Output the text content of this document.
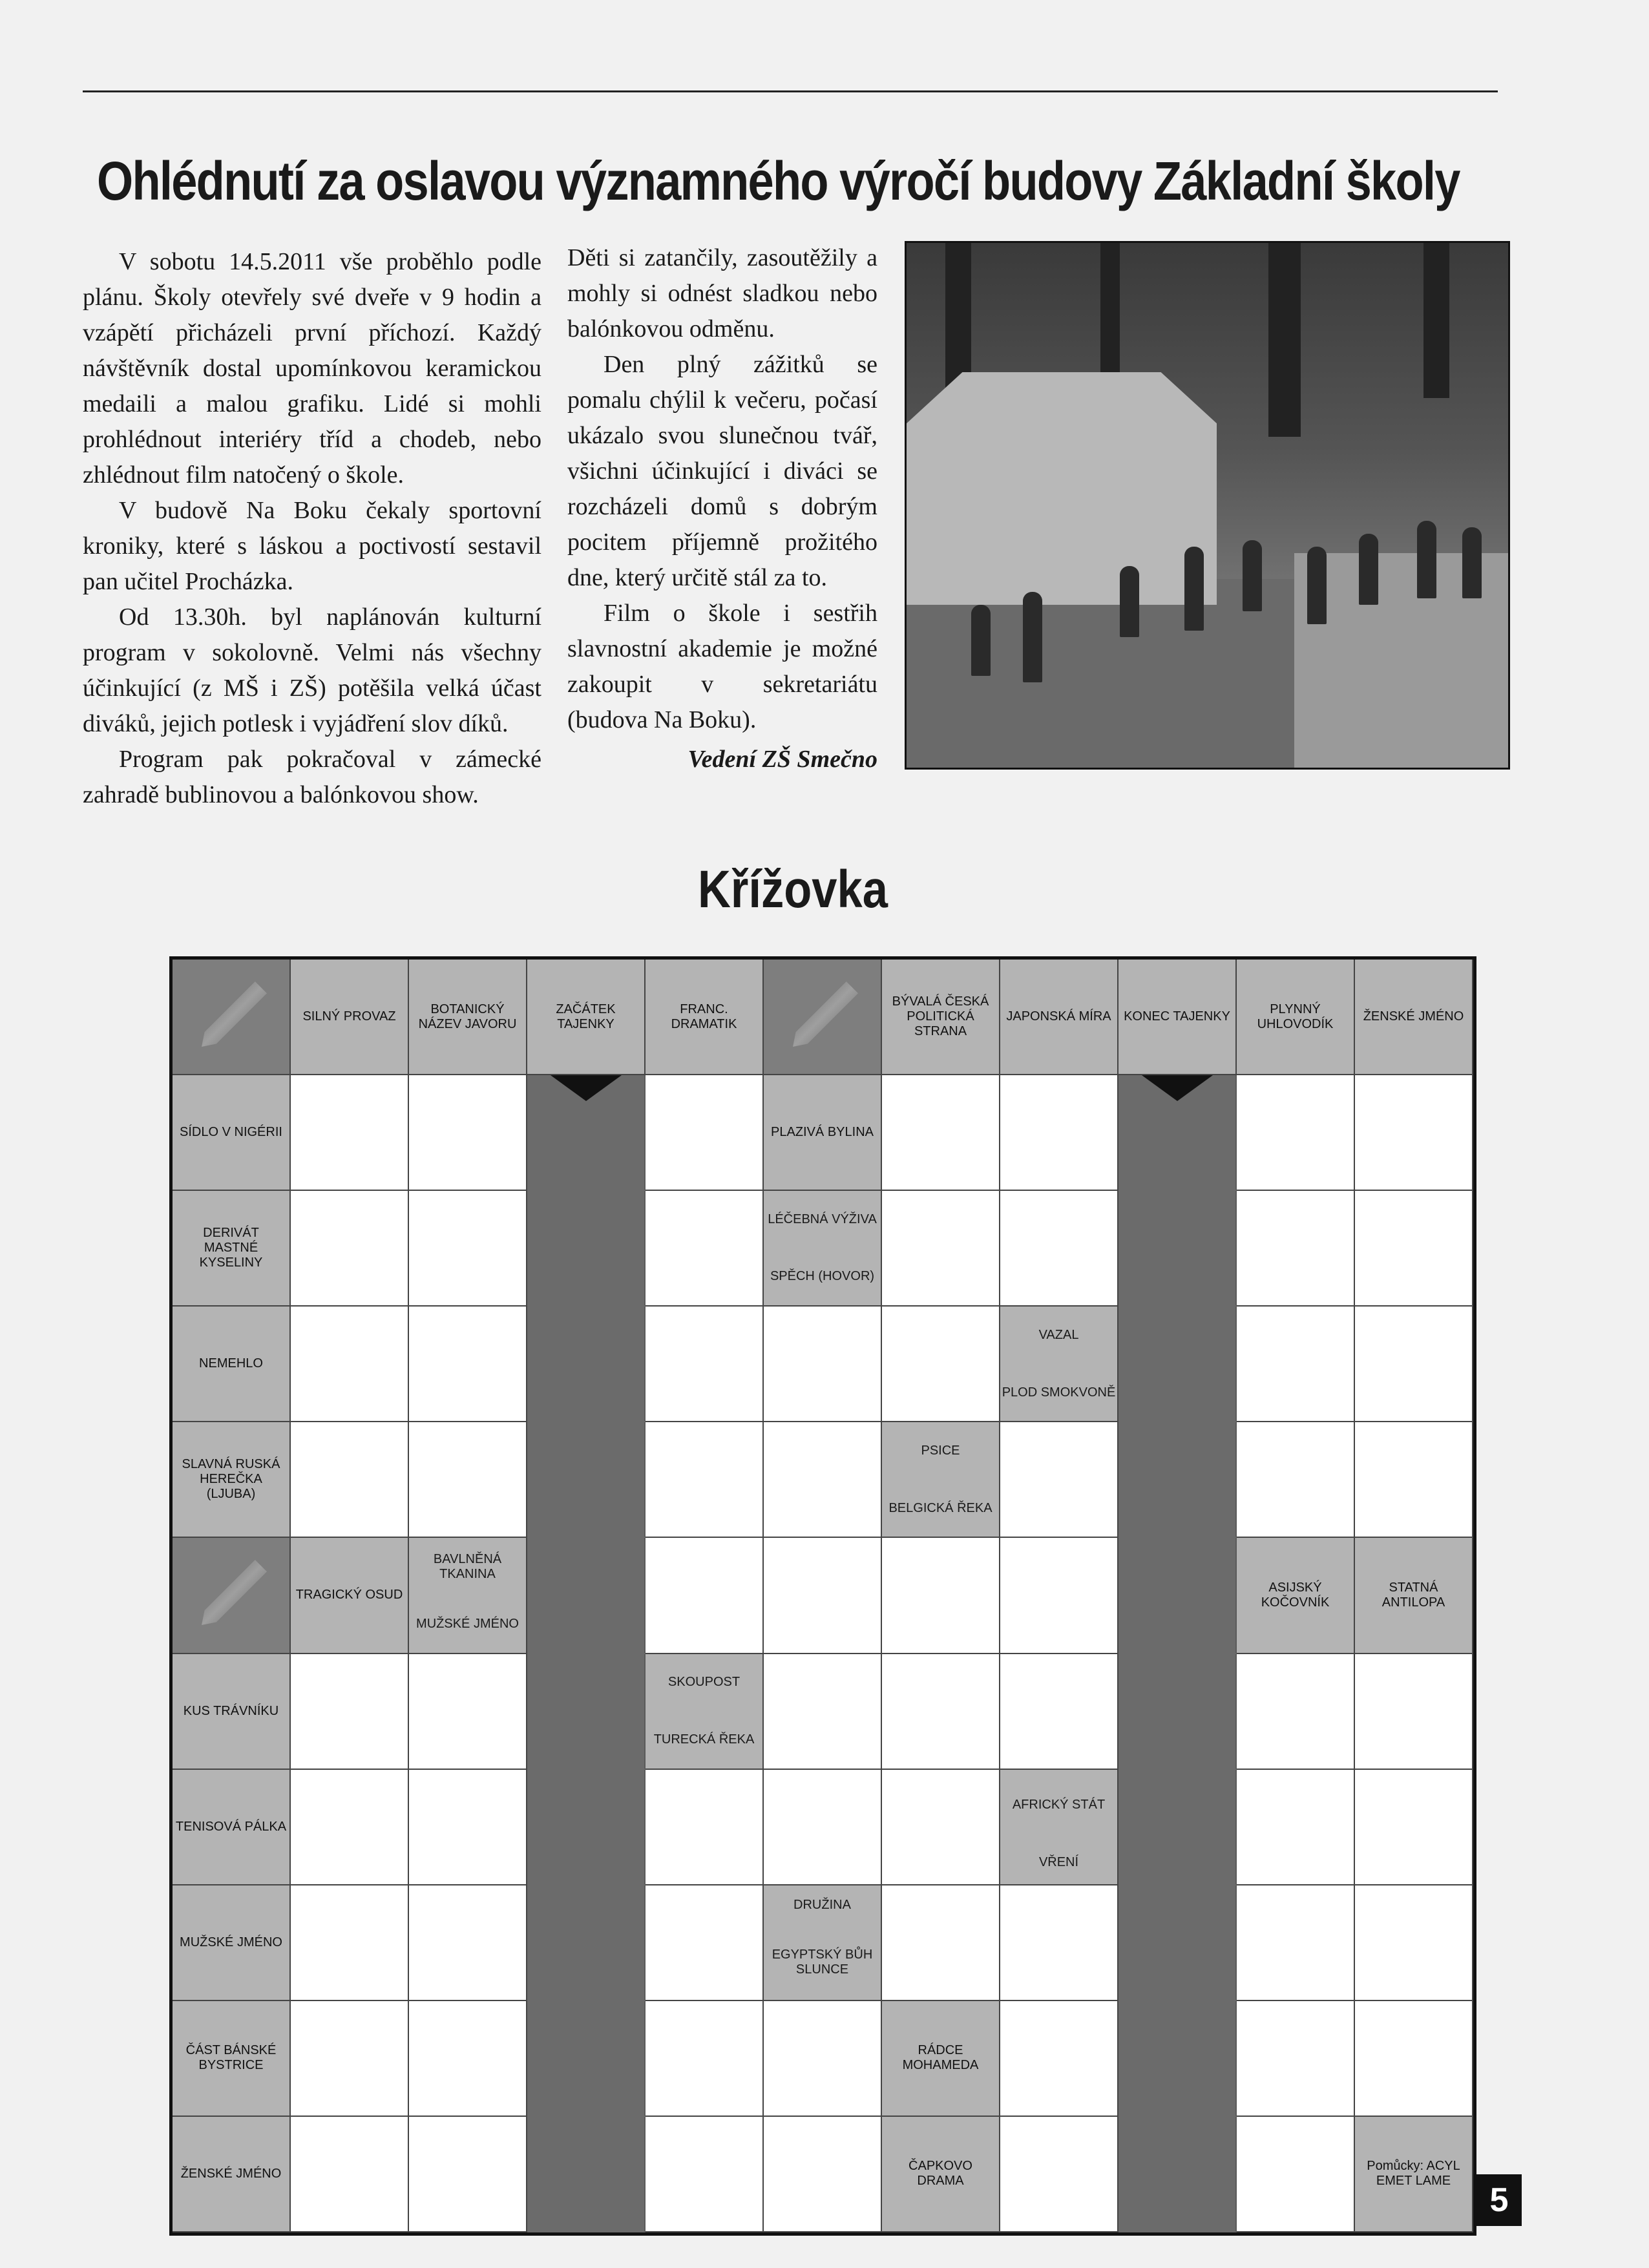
Ohlédnutí za oslavou významného výročí budovy Základní školy

V sobotu 14.5.2011 vše proběhlo podle plánu. Školy otevřely své dveře v 9 hodin a vzápětí přicházeli první příchozí. Každý návštěvník dostal upomínkovou keramickou medaili a malou grafiku. Lidé si mohli prohlédnout interiéry tříd a chodeb, nebo zhlédnout film natočený o škole.

V budově Na Boku čekaly sportovní kroniky, které s láskou a poctivostí sestavil pan učitel Procházka.

Od 13.30h. byl naplánován kulturní program v sokolovně. Velmi nás všechny účinkující (z MŠ i ZŠ) potěšila velká účast diváků, jejich potlesk i vyjádření slov díků.

Program pak pokračoval v zámecké zahradě bublinovou a balónkovou show.

Děti si zatančily, zasoutěžily a mohly si odnést sladkou nebo balónkovou odměnu.

Den plný zážitků se pomalu chýlil k večeru, počasí ukázalo svou slunečnou tvář, všichni účinkující i diváci se rozcházeli domů s dobrým pocitem příjemně prožitého dne, který určitě stál za to.

Film o škole i sestřih slavnostní akademie je možné zakoupit v sekretariátu (budova Na Boku).

Vedení ZŠ Smečno

Křížovka
SILNÝ PROVAZ
BOTANICKÝ NÁZEV JAVORU
ZAČÁTEK TAJENKY
FRANC. DRAMATIK
BÝVALÁ ČESKÁ POLITICKÁ STRANA
JAPONSKÁ MÍRA KONEC TAJENKY
PLYNNÝ UHLOVODÍK
ŽENSKÉ JMÉNO
SÍDLO V NIGÉRII	PLAZIVÁ BYLINA
DERIVÁT MASTNÉ KYSELINY
LÉČEBNÁ VÝŽIVA
SPĚCH (HOVOR)
NEMEHLO
VAZAL
PLOD SMOKVONĚ
SLAVNÁ RUSKÁ HEREČKA (LJUBA)
PSICE
BELGICKÁ ŘEKA
TRAGICKÝ OSUD
BAVLNĚNÁ TKANINA
MUŽSKÉ JMÉNO
ASIJSKÝ KOČOVNÍK
STATNÁ ANTILOPA
KUS TRÁVNÍKU
SKOUPOST
TURECKÁ ŘEKA
TENISOVÁ PÁLKA
AFRICKÝ STÁT
VŘENÍ
MUŽSKÉ JMÉNO
DRUŽINA
EGYPTSKÝ BŮH SLUNCE
ČÁST BÁNSKÉ BYSTRICE
RÁDCE MOHAMEDA
ŽENSKÉ JMÉNO
ČAPKOVO DRAMA
Pomůcky: ACYL EMET LAME
5
